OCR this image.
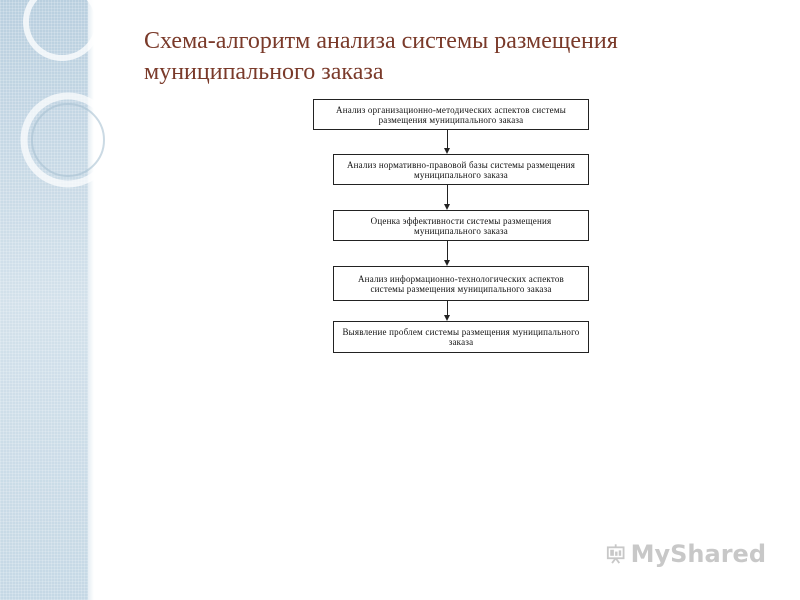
Схема-алгоритм анализа системы размещения муниципального заказа
Анализ организационно-методических аспектов системы размещения муниципального заказа
Анализ нормативно-правовой базы системы размещения муниципального заказа
Оценка эффективности системы размещения муниципального заказа
Анализ информационно-технологических аспектов системы размещения муниципального заказа
Выявление проблем системы размещения муниципального заказа
MyShared
